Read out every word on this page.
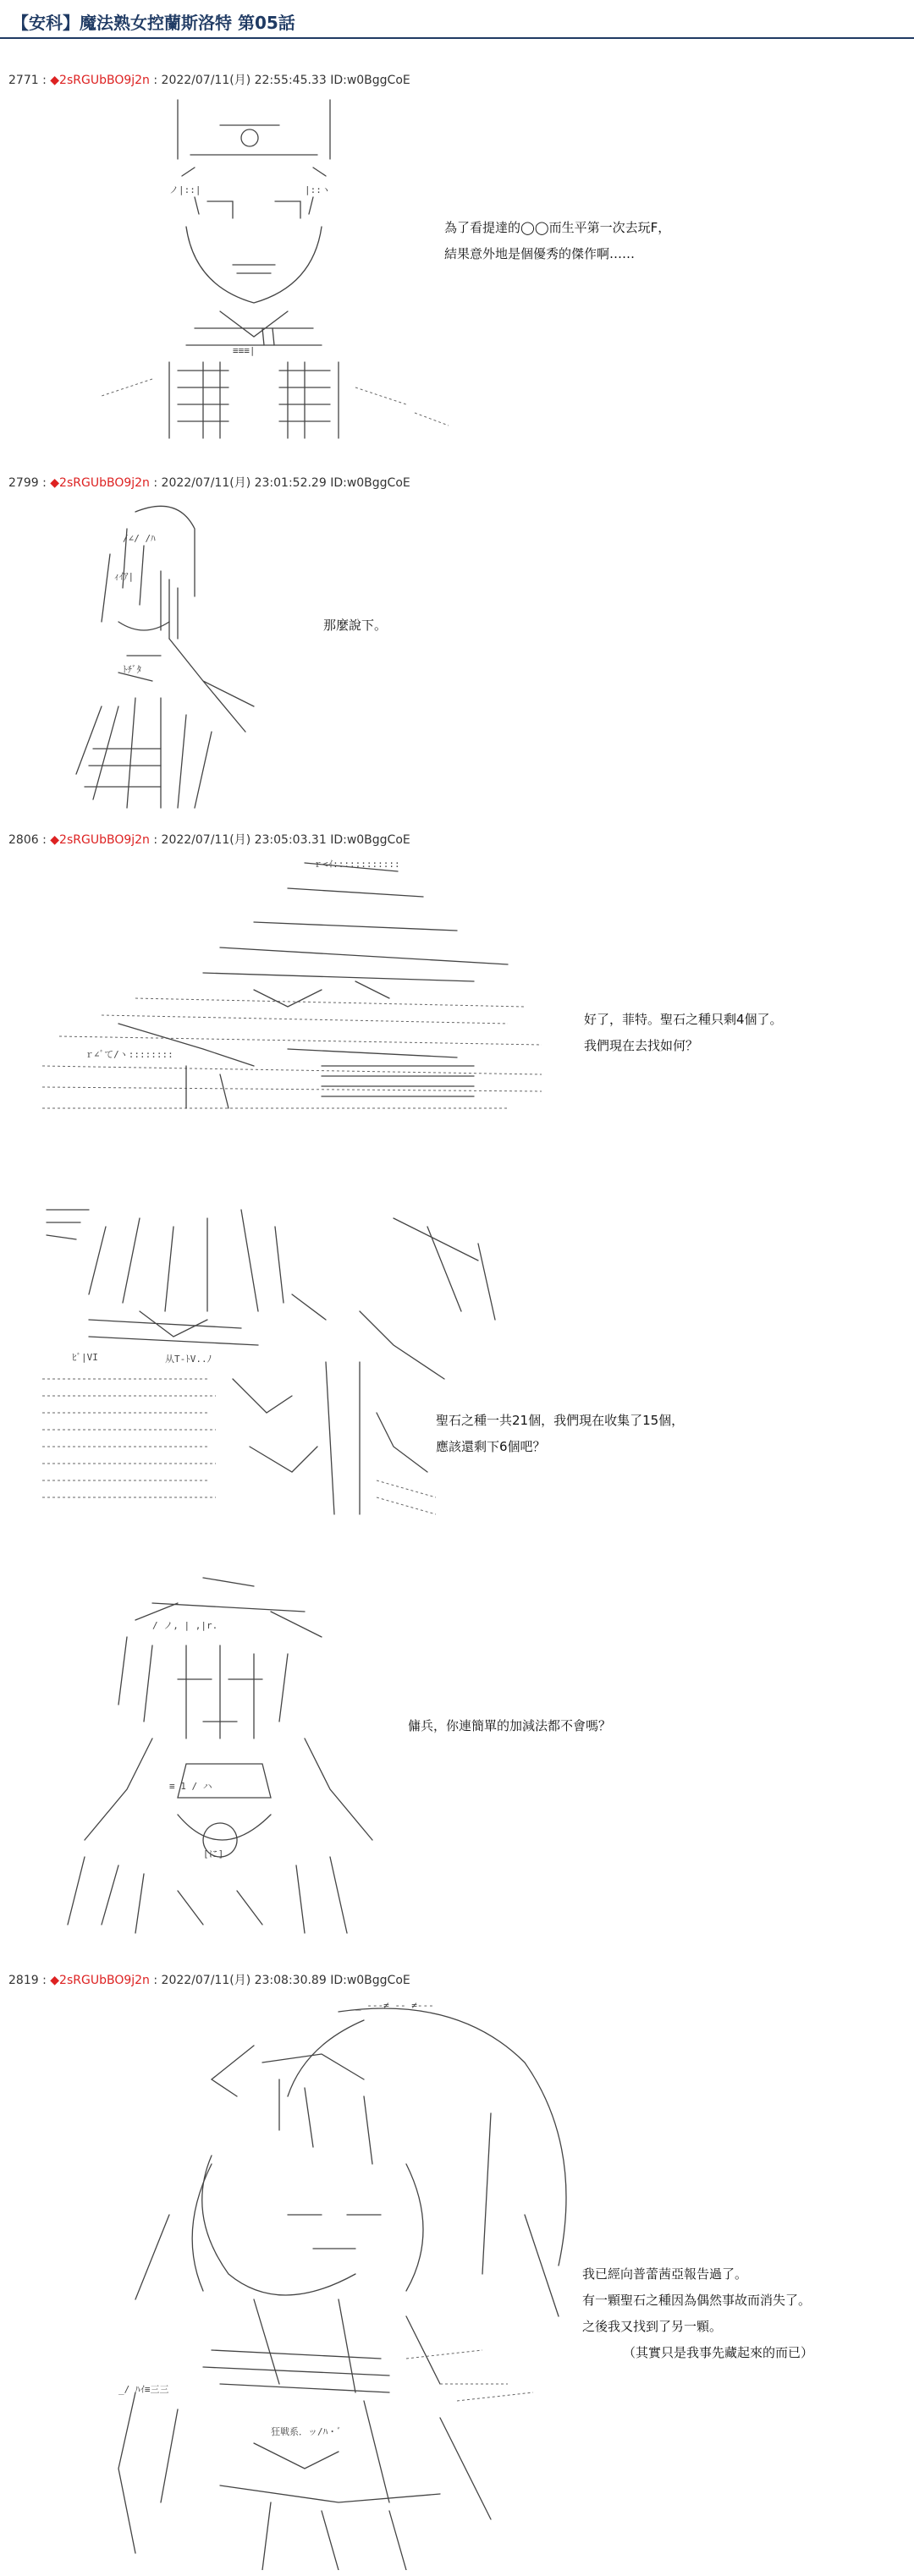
【安科】魔法熟女控蘭斯洛特 第05話
2771 : ◆2sRGUbBO9j2n : 2022/07/11(月) 22:55:45.33 ID:w0BggCoE
ノ|::|	|::ヽ
≡≡≡|
為了看提達的◯◯而生平第一次去玩F，
結果意外地是個優秀的傑作啊……
2799 : ◆2sRGUbBO9j2n : 2022/07/11(月) 23:01:52.29 ID:w0BggCoE
/∠/ /ﾊ
ｨｲｱ|
ﾄﾁﾞﾀ
那麼說下。
2806 : ◆2sRGUbBO9j2n : 2022/07/11(月) 23:05:03.31 ID:w0BggCoE
ｒ<ｲ::::::::::::
ｒ∠ﾞて/ヽ::::::::
好了，菲特。聖石之種只剩4個了。
我們現在去找如何？
ﾋﾞ|VI	从T-ﾄV..ﾉ
聖石之種一共21個，我們現在收集了15個，
應該還剩下6個吧？
/ ノ, | ,|r.
≡ 1 / ハ
[に]
傭兵，你連簡單的加減法都不會嗎？
2819 : ◆2sRGUbBO9j2n : 2022/07/11(月) 23:08:30.89 ID:w0BggCoE
_ ---≠ -- ≠---
_/ ﾊｲ≡三三
狂戦系．ッ/ﾊ・ﾞ
我已經向普蕾茜亞報告過了。
有一顆聖石之種因為偶然事故而消失了。
之後我又找到了另一顆。
（其實只是我事先藏起來的而已）
